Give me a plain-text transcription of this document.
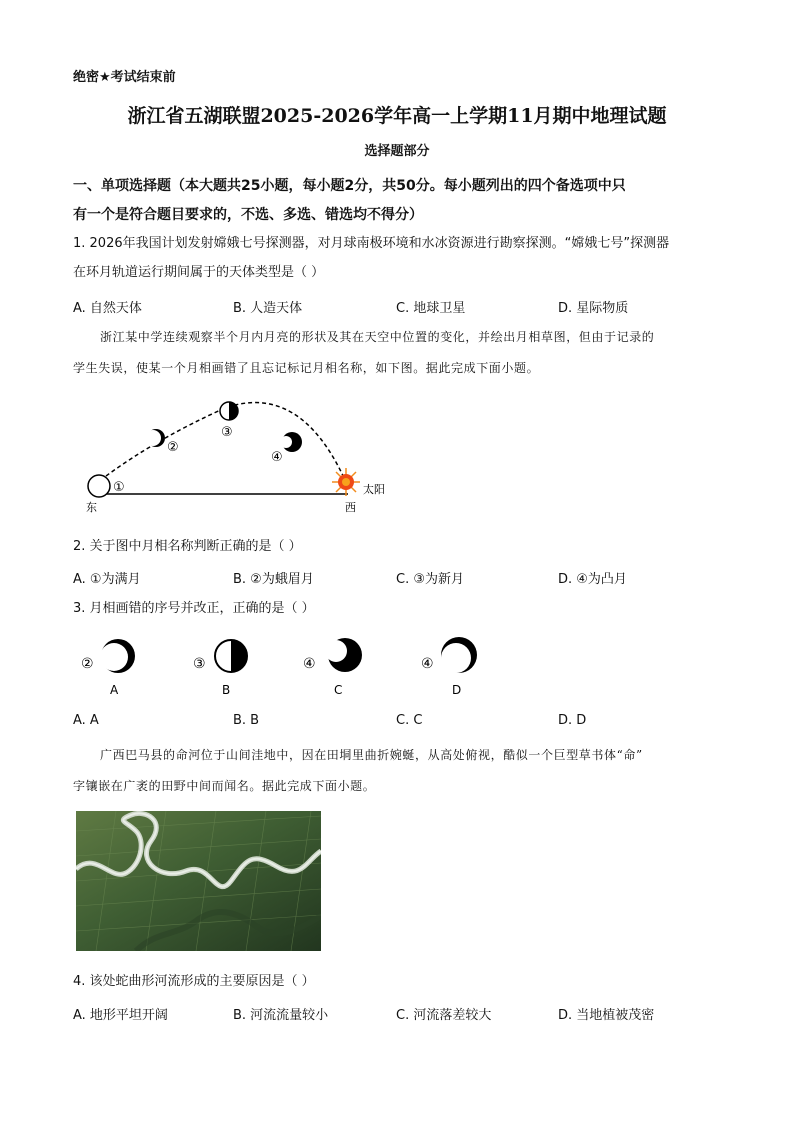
绝密★考试结束前
浙江省五湖联盟2025-2026学年高一上学期11月期中地理试题
选择题部分
一、单项选择题（本大题共25小题，每小题2分，共50分。每小题列出的四个备选项中只
有一个是符合题目要求的，不选、多选、错选均不得分）
1. 2026年我国计划发射嫦娥七号探测器，对月球南极环境和水冰资源进行勘察探测。“嫦娥七号”探测器
在环月轨道运行期间属于的天体类型是（ ）
A. 自然天体	B. 人造天体	C. 地球卫星	D. 星际物质
浙江某中学连续观察半个月内月亮的形状及其在天空中位置的变化，并绘出月相草图，但由于记录的
学生失误，使某一个月相画错了且忘记标记月相名称，如下图。据此完成下面小题。
①
②
③
④
太阳
东	西
2. 关于图中月相名称判断正确的是（ ）
A. ①为满月	B. ②为蛾眉月	C. ③为新月	D. ④为凸月
3. 月相画错的序号并改正，正确的是（ ）
②
A
③
B
④
C
④
D
A. A	B. B	C. C	D. D
广西巴马县的命河位于山间洼地中，因在田垌里曲折婉蜒，从高处俯视，酷似一个巨型草书体“命”
字镶嵌在广袤的田野中间而闻名。据此完成下面小题。
4. 该处蛇曲形河流形成的主要原因是（ ）
A. 地形平坦开阔	B. 河流流量较小	C. 河流落差较大	D. 当地植被茂密
